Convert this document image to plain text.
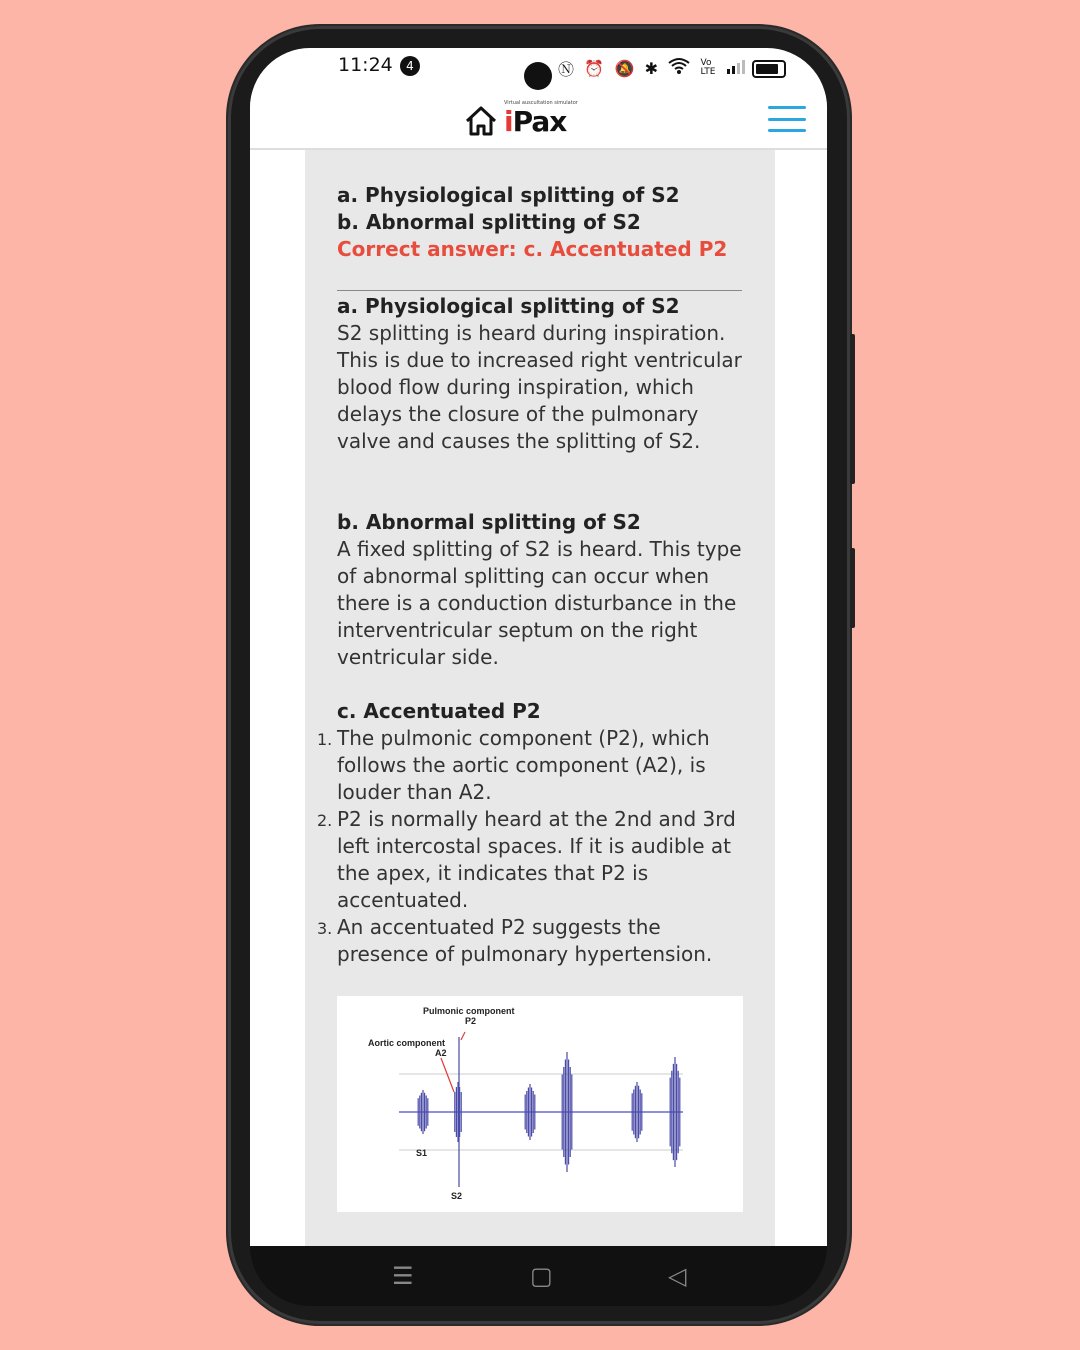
11:24	4	Ⓝ ⏰ 🔕 ✱	Vo
LTE
Virtual auscultation simulator
iPax
a. Physiological splitting of S2
b. Abnormal splitting of S2
Correct answer: c. Accentuated P2
a. Physiological splitting of S2
S2 splitting is heard during inspiration. This is due to increased right ventricular blood flow during inspiration, which delays the closure of the pulmonary valve and causes the splitting of S2.
b. Abnormal splitting of S2
A fixed splitting of S2 is heard. This type of abnormal splitting can occur when there is a conduction disturbance in the interventricular septum on the right ventricular side.
c. Accentuated P2
1. The pulmonic component (P2), which follows the aortic component (A2), is louder than A2.
2. P2 is normally heard at the 2nd and 3rd left intercostal spaces. If it is audible at the apex, it indicates that P2 is accentuated.
3. An accentuated P2 suggests the presence of pulmonary hypertension.
Pulmonic component
P2
Aortic component
A2
S1
S2
☰	▢	◁
